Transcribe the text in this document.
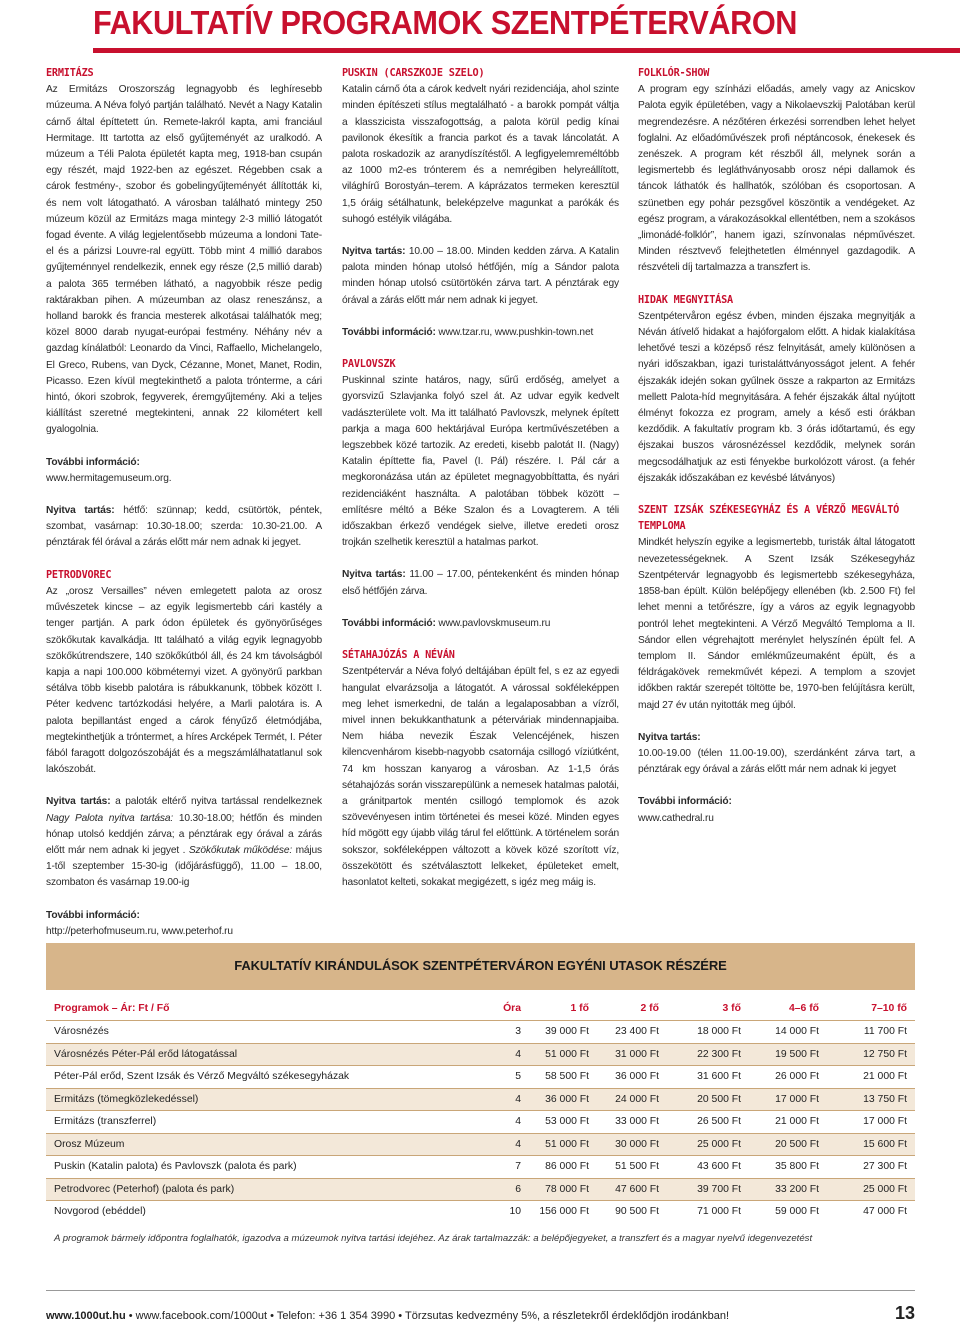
FAKULTATÍV PROGRAMOK SZENTPÉTERVÁRON
ERMITÁZS

Az Ermitázs Oroszország legnagyobb és leghíresebb múzeuma. A Néva folyó partján található. Nevét a Nagy Katalin cárnő által építtetett ún. Remete-lakról kapta, ami franciául Hermitage. Itt tartotta az első gyűjteményét az uralkodó. A múzeum a Téli Palota épületét kapta meg, 1918-ban csupán egy részét, majd 1922-ben az egészet. Régebben csak a cárok festmény-, szobor és gobelingyűjteményét állították ki, és nem volt látogatható. A városban található mintegy 250 múzeum közül az Ermitázs maga mintegy 2-3 millió látogatót fogad évente. A világ legjelentősebb múzeuma a londoni Tate-el és a párizsi Louvre-ral együtt. Több mint 4 millió darabos gyűjteménnyel rendelkezik, ennek egy része (2,5 millió darab) a palota 365 termében látható, a nagyobbik része pedig raktárakban pihen. A múzeumban az olasz reneszánsz, a holland barokk és francia mesterek alkotásai találhatók meg; közel 8000 darab nyugat-európai festmény. Néhány név a gazdag kínálatból: Leonardo da Vinci, Raffaello, Michelangelo, El Greco, Rubens, van Dyck, Cézanne, Monet, Manet, Rodin, Picasso. Ezen kívül megtekinthető a palota trónterme, a cári hintó, ókori szobrok, fegyverek, éremgyűjtemény. Aki a teljes kiállítást szeretné megtekinteni, annak 22 kilométert kell gyalogolnia.

További információ:
www.hermitagemuseum.org.

Nyitva tartás: hétfő: szünnap; kedd, csütörtök, péntek, szombat, vasárnap: 10.30-18.00; szerda: 10.30-21.00. A pénztárak fél órával a zárás előtt már nem adnak ki jegyet.

PETRODVOREC

Az „orosz Versailles” néven emlegetett palota az orosz művészetek kincse – az egyik legismertebb cári kastély a tenger partján. A park ódon épületek és gyönyörűséges szökőkutak kavalkádja. Itt található a világ egyik legnagyobb szökőkútrendszere, 140 szökőkútból áll, és 24 km távolságból kapja a napi 100.000 köbméternyi vizet. A gyönyörű parkban sétálva több kisebb palotára is rábukkanunk, többek között I. Péter kedvenc tartózkodási helyére, a Marli palotára is. A palota bepillantást enged a cárok fényűző életmódjába, megtekinthetjük a tróntermet, a híres Arcképek Termét, I. Péter fából faragott dolgozószobáját és a megszámlálhatatlanul sok lakószobát.

Nyitva tartás: a paloták eltérő nyitva tartással rendelkeznek Nagy Palota nyitva tartása: 10.30-18.00; hétfőn és minden hónap utolsó keddjén zárva; a pénztárak egy órával a zárás előtt már nem adnak ki jegyet . Szökőkutak működése: május 1-től szeptember 15-30-ig (időjárásfüggő), 11.00 – 18.00, szombaton és vasárnap 19.00-ig

További információ:
http://peterhofmuseum.ru, www.peterhof.ru
PUSKIN (CARSZKOJE SZELO)

Katalin cárnő óta a cárok kedvelt nyári rezidenciája, ahol szinte minden építészeti stílus megtalálható - a barokk pompát váltja a klasszicista visszafogottság, a palota körül pedig kínai pavilonok ékesítik a francia parkot és a tavak láncolatát. A palota roskadozik az aranydíszítéstől. A legfigyelemreméltóbb az 1000 m2-es trónterem és a nemrégiben helyreállított, világhírű Borostyán–terem. A káprázatos termeken keresztül 1,5 óráig sétálhatunk, beleképzelve magunkat a parókák és suhogó estélyik világába.

Nyitva tartás: 10.00 – 18.00. Minden kedden zárva. A Katalin palota minden hónap utolsó hétfőjén, míg a Sándor palota minden hónap utolsó csütörtökén zárva tart. A pénztárak egy órával a zárás előtt már nem adnak ki jegyet.

További információ: www.tzar.ru, www.pushkin-town.net

PAVLOVSZK

Puskinnal szinte határos, nagy, sűrű erdőség, amelyet a gyorsvizű Szlavjanka folyó szel át. Az udvar egyik kedvelt vadászterülete volt. Ma itt található Pavlovszk, melynek épített parkja a maga 600 hektárjával Európa kertművészetében a legszebbek közé tartozik. Az eredeti, kisebb palotát II. (Nagy) Katalin építtette fia, Pavel (I. Pál) részére. I. Pál cár a megkoronázása után az épületet megnagyobbíttatta, és nyári rezidenciáként használta. A palotában többek között – említésre méltó a Béke Szalon és a Lovagterem. A téli időszakban érkező vendégek sielve, illetve eredeti orosz trojkán szelhetik keresztül a hatalmas parkot.

Nyitva tartás: 11.00 – 17.00, péntekenként és minden hónap első hétfőjén zárva.

További információ: www.pavlovskmuseum.ru

SÉTAHAJÓZÁS A NÉVÁN

Szentpétervár a Néva folyó deltájában épült fel, s ez az egyedi hangulat elvarázsolja a látogatót. A várossal sokféleképpen meg lehet ismerkedni, de talán a legalaposabban a vízről, mivel innen bekukkanthatunk a péterváriak mindennapjaiba. Nem hiába nevezik Észak Velencéjének, hiszen kilencvenhárom kisebb-nagyobb csatornája csillogó víziútként, 74 km hosszan kanyarog a városban. Az 1-1,5 órás sétahajózás során visszarepülünk a nemesek hatalmas palotái, a gránitpartok mentén csillogó templomok és azok szövevényesen intim történetei és mesei közé. Minden egyes híd mögött egy újabb világ tárul fel előttünk. A történelem során sokszor, sokféleképpen változott a kövek közé szorított víz, összekötött és szétválasztott lelkeket, épületeket emelt, hasonlatot kelteti, sokakat megigézett, s igéz meg máig is.

FOLKLÓR-SHOW

A program egy színházi előadás, amely vagy az Anicskov Palota egyik épületében, vagy a Nikolaevszkij Palotában kerül megrendezésre. A nézőtéren érkezési sorrendben lehet helyet foglalni. Az előadóművészek profi néptáncosok, énekesek és zenészek. A program két részből áll, melynek során a legismertebb és legláthványosabb orosz népi dallamok és táncok láthatók és hallhatók, szólóban és csoportosan. A szünetben egy pohár pezsgővel köszöntik a vendégeket. Az egész program, a várakozásokkal ellentétben, nem a szokásos „limonádé-folklór”, hanem igazi, színvonalas népművészet. Minden résztvevő felejthetetlen élménnyel gazdagodik. A részvételi díj tartalmazza a transzfert is.

HIDAK MEGNYITÁSA

Szentpétervåron egész évben, minden éjszaka megnyitják a Néván átívelő hidakat a hajóforgalom előtt. A hidak kialakítása lehetővé teszi a középső rész felnyitását, amely különösen a nyári időszakban, igazi turistaláttványosságot jelent. A fehér éjszakák idején sokan gyűlnek össze a rakparton az Ermitázs mellett Palota-híd megnyitására. A fehér éjszakák által nyújtott élményt fokozza ez program, amely a késő esti órákban kezdődik. A fakultatív program kb. 3 órás időtartamú, és egy éjszakai buszos városnézéssel kezdődik, melynek során megcsodálhatjuk az esti fényekbe burkolózott várost. (a fehér éjszakák időszakában ez kevésbé látványos)

SZENT IZSÁK SZÉKESEGYHÁZ ÉS A VÉRZŐ MEGVÁLTÓ TEMPLOMA

Mindkét helyszín egyike a legismertebb, turisták által látogatott nevezetességeknek. A Szent Izsák Székesegyház Szentpétervár legnagyobb és legismertebb székesegyháza, 1858-ban épült. Külön belépőjegy ellenében (kb. 2.500 Ft) fel lehet menni a tetőrészre, így a város az egyik legnagyobb pontról lehet megtekinteni. A Vérző Megváltó Temploma a II. Sándor ellen végrehajtott merénylet helyszínén épült fel. A templom II. Sándor emlékműzeumaként épült, és a féldrágakövek remekművét képezi. A templom a szovjet időkben raktár szerepét töltötte be, 1970-ben felújításra került, majd 27 év után nyitották meg újból.

Nyitva tartás:

10.00-19.00 (télen 11.00-19.00), szerdánként zárva tart, a pénztárak egy órával a zárás előtt már nem adnak ki jegyet

További információ:
www.cathedral.ru
FAKULTATÍV KIRÁNDULÁSOK SZENTPÉTERVÁRON EGYÉNI UTASOK RÉSZÉRE
Programok – Ár: Ft / Fő	Óra	1 fő	2 fő	3 fő	4–6 fő	7–10 fő
Városnézés	3	39 000 Ft	23 400 Ft	18 000 Ft	14 000 Ft	11 700 Ft
Városnézés Péter-Pál erőd látogatással	4	51 000 Ft	31 000 Ft	22 300 Ft	19 500 Ft	12 750 Ft
Péter-Pál erőd, Szent Izsák és Vérző Megváltó székesegyházak	5	58 500 Ft	36 000 Ft	31 600 Ft	26 000 Ft	21 000 Ft
Ermitázs (tömegközlekedéssel)	4	36 000 Ft	24 000 Ft	20 500 Ft	17 000 Ft	13 750 Ft
Ermitázs (transzferrel)	4	53 000 Ft	33 000 Ft	26 500 Ft	21 000 Ft	17 000 Ft
Orosz Múzeum	4	51 000 Ft	30 000 Ft	25 000 Ft	20 500 Ft	15 600 Ft
Puskin (Katalin palota) és Pavlovszk (palota és park)	7	86 000 Ft	51 500 Ft	43 600 Ft	35 800 Ft	27 300 Ft
Petrodvorec (Peterhof) (palota és park)	6	78 000 Ft	47 600 Ft	39 700 Ft	33 200 Ft	25 000 Ft
Novgorod (ebéddel)	10	156 000 Ft	90 500 Ft	71 000 Ft	59 000 Ft	47 000 Ft
A programok bármely időpontra foglalhatók, igazodva a múzeumok nyitva tartási idejéhez. Az árak tartalmazzák: a belépőjegyeket, a transzfert és a magyar nyelvű idegenvezetést
www.1000ut.hu • www.facebook.com/1000ut • Telefon: +36 1 354 3990 • Törzsutas kedvezmény 5%, a részletekről érdeklődjön irodánkban!	13
